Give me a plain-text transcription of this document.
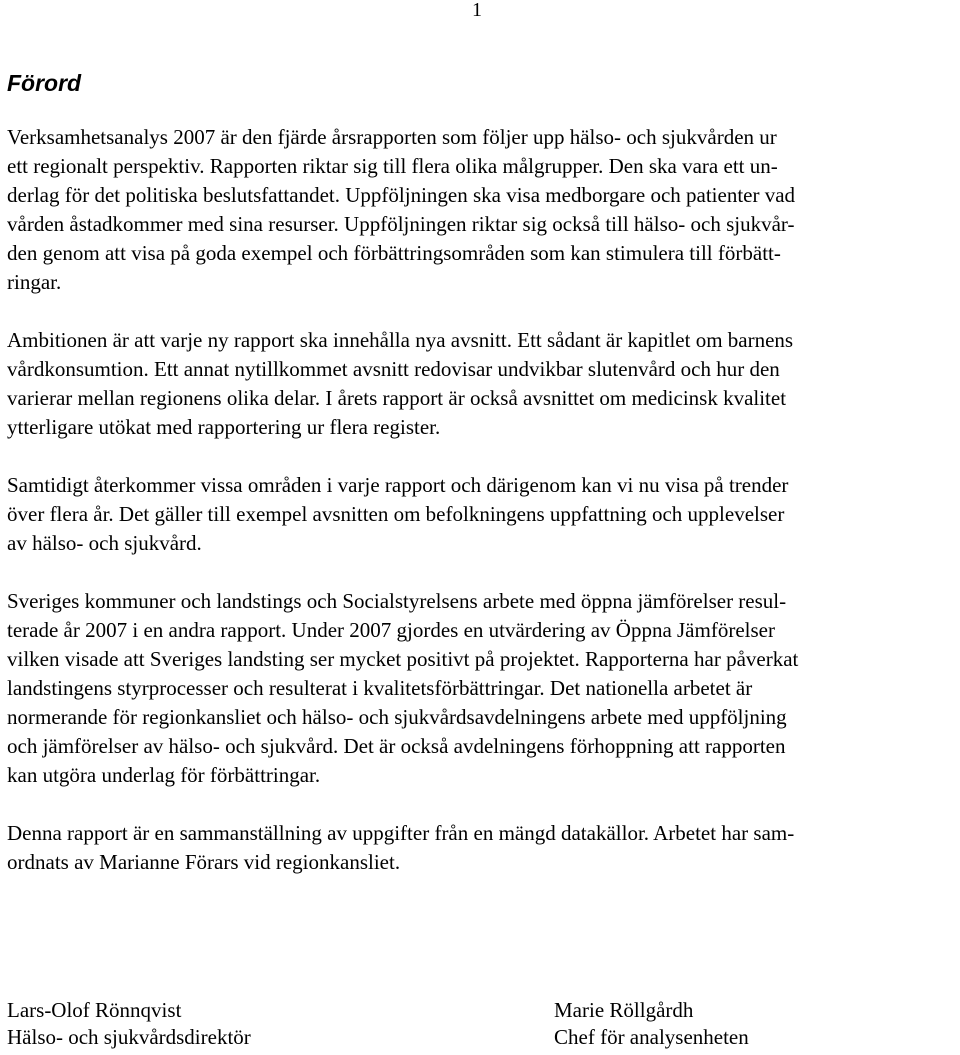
1
Förord

Verksamhetsanalys 2007 är den fjärde årsrapporten som följer upp hälso- och sjukvården ur
ett regionalt perspektiv. Rapporten riktar sig till flera olika målgrupper. Den ska vara ett un-
derlag för det politiska beslutsfattandet. Uppföljningen ska visa medborgare och patienter vad
vården åstadkommer med sina resurser. Uppföljningen riktar sig också till hälso- och sjukvår-
den genom att visa på goda exempel och förbättringsområden som kan stimulera till förbätt-
ringar.

Ambitionen är att varje ny rapport ska innehålla nya avsnitt. Ett sådant är kapitlet om barnens
vårdkonsumtion. Ett annat nytillkommet avsnitt redovisar undvikbar slutenvård och hur den
varierar mellan regionens olika delar. I årets rapport är också avsnittet om medicinsk kvalitet
ytterligare utökat med rapportering ur flera register.

Samtidigt återkommer vissa områden i varje rapport och därigenom kan vi nu visa på trender
över flera år. Det gäller till exempel avsnitten om befolkningens uppfattning och upplevelser
av hälso- och sjukvård.

Sveriges kommuner och landstings och Socialstyrelsens arbete med öppna jämförelser resul-
terade år 2007 i en andra rapport. Under 2007 gjordes en utvärdering av Öppna Jämförelser
vilken visade att Sveriges landsting ser mycket positivt på projektet. Rapporterna har påverkat
landstingens styrprocesser och resulterat i kvalitetsförbättringar. Det nationella arbetet är
normerande för regionkansliet och hälso- och sjukvårdsavdelningens arbete med uppföljning
och jämförelser av hälso- och sjukvård. Det är också avdelningens förhoppning att rapporten
kan utgöra underlag för förbättringar.

Denna rapport är en sammanställning av uppgifter från en mängd datakällor. Arbetet har sam-
ordnats av Marianne Förars vid regionkansliet.

Lars-Olof Rönnqvist
Hälso- och sjukvårdsdirektör
Marie Röllgårdh
Chef för analysenheten
